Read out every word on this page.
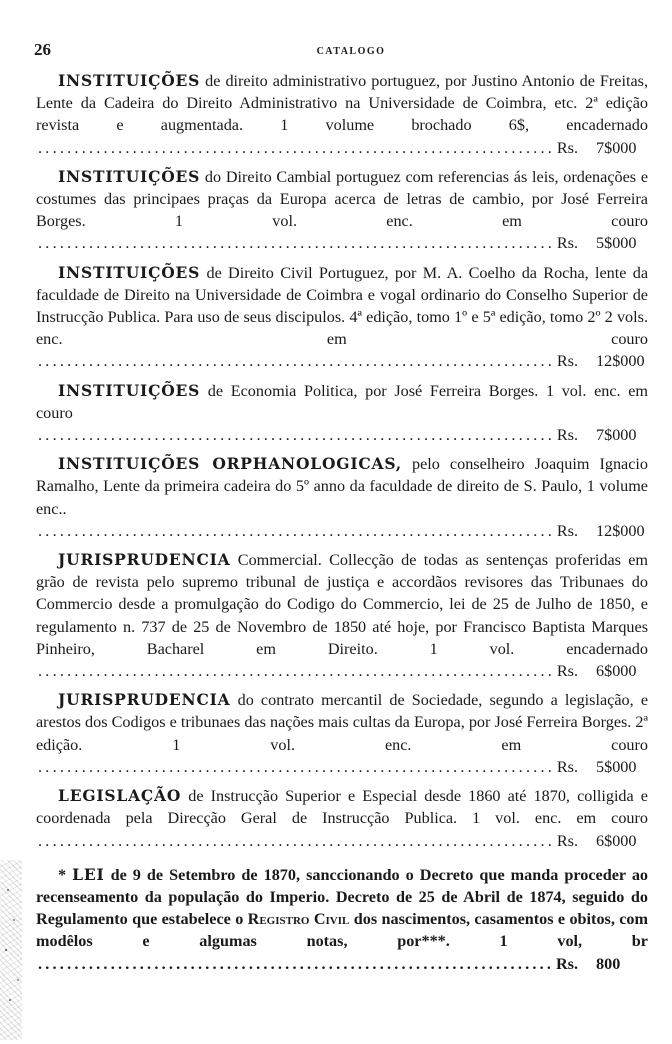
26	CATALOGO
INSTITUIÇÕES de direito administrativo portuguez, por Justino Antonio de Freitas, Lente da Cadeira do Direito Administrativo na Universidade de Coimbra, etc. 2ª edição revista e augmentada. 1 volume brochado 6$, encadernado
. . .
Rs. 7$000
INSTITUIÇÕES do Direito Cambial portuguez com referencias ás leis, ordenações e costumes das principaes praças da Europa acerca de letras de cambio, por José Ferreira Borges. 1 vol. enc. em couro
. . .
Rs. 5$000
INSTITUIÇÕES de Direito Civil Portuguez, por M. A. Coelho da Rocha, lente da faculdade de Direito na Universidade de Coimbra e vogal ordinario do Conselho Superior de Instrucção Publica. Para uso de seus discipulos. 4ª edição, tomo 1º e 5ª edição, tomo 2º 2 vols. enc. em couro
. . .
Rs. 12$000
INSTITUIÇÕES de Economia Politica, por José Ferreira Borges. 1 vol. enc. em couro
. . .
Rs. 7$000
INSTITUIÇÕES ORPHANOLOGICAS, pelo conselheiro Joaquim Ignacio Ramalho, Lente da primeira cadeira do 5º anno da faculdade de direito de S. Paulo, 1 volume enc..
. . .
Rs. 12$000
JURISPRUDENCIA Commercial. Collecção de todas as sentenças proferidas em grão de revista pelo supremo tribunal de justiça e accordãos revisores das Tribunaes do Commercio desde a promulgação do Codigo do Commercio, lei de 25 de Julho de 1850, e regulamento n. 737 de 25 de Novembro de 1850 até hoje, por Francisco Baptista Marques Pinheiro, Bacharel em Direito. 1 vol. encadernado
. . .
Rs. 6$000
JURISPRUDENCIA do contrato mercantil de Sociedade, segundo a legislação, e arestos dos Codigos e tribunaes das nações mais cultas da Europa, por José Ferreira Borges. 2ª edição. 1 vol. enc. em couro
. . .
Rs. 5$000
LEGISLAÇÃO de Instrucção Superior e Especial desde 1860 até 1870, colligida e coordenada pela Direcção Geral de Instrucção Publica. 1 vol. enc. em couro
. . .
Rs. 6$000
* LEI de 9 de Setembro de 1870, sanccionando o Decreto que manda proceder ao recenseamento da população do Imperio. Decreto de 25 de Abril de 1874, seguido do Regulamento que estabelece o Registro Civil dos nascimentos, casamentos e obitos, com modêlos e algumas notas, por***. 1 vol, br
. . .
Rs. 800
